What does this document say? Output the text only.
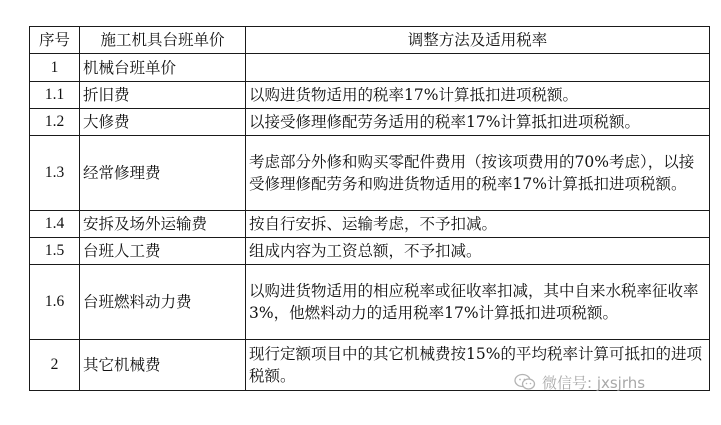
序号	施工机具台班单价	调整方法及适用税率
1	机械台班单价	
1.1	折旧费	以购进货物适用的税率17%计算抵扣进项税额。
1.2	大修费	以接受修理修配劳务适用的税率17%计算抵扣进项税额。
1.3	经常修理费	考虑部分外修和购买零配件费用（按该项费用的70%考虑），以接受修理修配劳务和购进货物适用的税率17%计算抵扣进项税额。
1.4	安拆及场外运输费	按自行安拆、运输考虑，不予扣减。
1.5	台班人工费	组成内容为工资总额，不予扣减。
1.6	台班燃料动力费	以购进货物适用的相应税率或征收率扣减，其中自来水税率征收率3%，他燃料动力的适用税率17%计算抵扣进项税额。
2	其它机械费	现行定额项目中的其它机械费按15%的平均税率计算可抵扣的进项税额。	微信号: jxsjrhs
